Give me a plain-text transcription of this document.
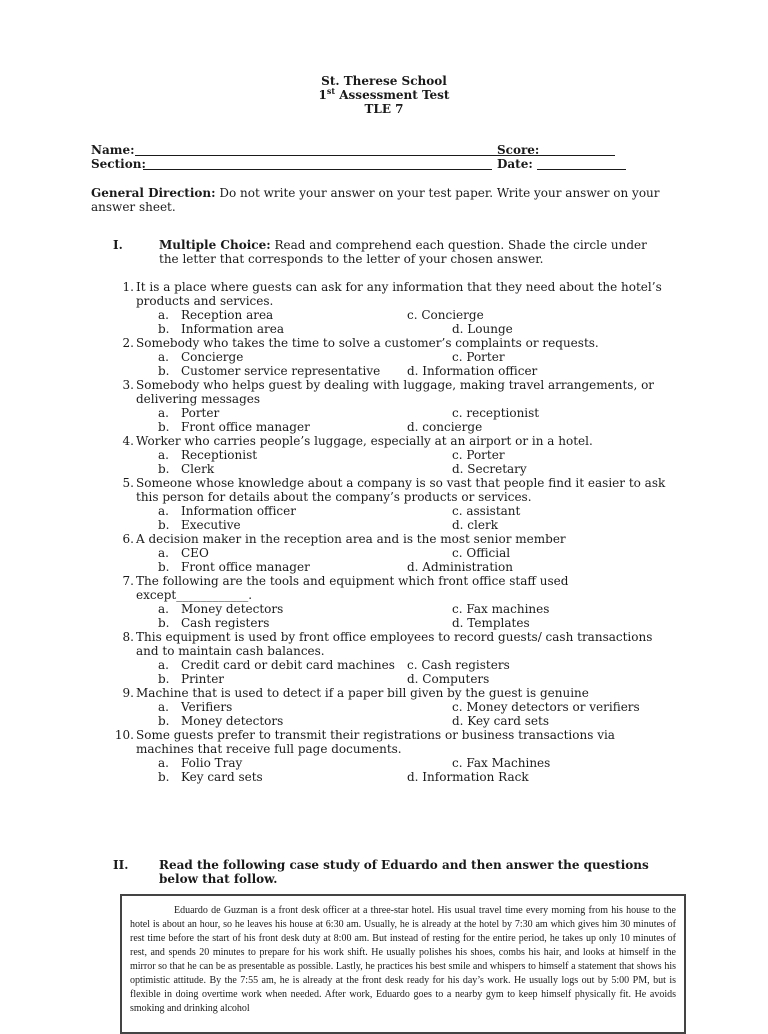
St. Therese School
1st Assessment Test
TLE 7
Name:	Score:
Section:	Date:
General Direction: Do not write your answer on your test paper. Write your answer on your answer sheet.
I.	Multiple Choice: Read and comprehend each question. Shade the circle under the letter that corresponds to the letter of your chosen answer.
1. It is a place where guests can ask for any information that they need about the hotel’s products and services.
a. Reception area	c. Concierge
b. Information area	d. Lounge
2. Somebody who takes the time to solve a customer’s complaints or requests.
a. Concierge	c. Porter
b. Customer service representative d. Information officer
3. Somebody who helps guest by dealing with luggage, making travel arrangements, or delivering messages
a. Porter	c. receptionist
b. Front office manager	d. concierge
4. Worker who carries people’s luggage, especially at an airport or in a hotel.
a. Receptionist	c. Porter
b. Clerk	d. Secretary
5. Someone whose knowledge about a company is so vast that people find it easier to ask this person for details about the company’s products or services.
a. Information officer	c. assistant
b. Executive	d. clerk
6. A decision maker in the reception area and is the most senior member
a. CEO	c. Official
b. Front office manager	d. Administration
7. The following are the tools and equipment which front office staff used except____________.
a. Money detectors	c. Fax machines
b. Cash registers	d. Templates
8. This equipment is used by front office employees to record guests/ cash transactions and to maintain cash balances.
a. Credit card or debit card machines c. Cash registers
b. Printer	d. Computers
9. Machine that is used to detect if a paper bill given by the guest is genuine
a. Verifiers	c. Money detectors or verifiers
b. Money detectors	d. Key card sets
10. Some guests prefer to transmit their registrations or business transactions via machines that receive full page documents.
a. Folio Tray	c. Fax Machines
b. Key card sets	d. Information Rack
II.	Read the following case study of Eduardo and then answer the questions below that follow.
Eduardo de Guzman is a front desk officer at a three-star hotel. His usual travel time every morning from his house to the hotel is about an hour, so he leaves his house at 6:30 am. Usually, he is already at the hotel by 7:30 am which gives him 30 minutes of rest time before the start of his front desk duty at 8:00 am. But instead of resting for the entire period, he takes up only 10 minutes of rest, and spends 20 minutes to prepare for his work shift. He usually polishes his shoes, combs his hair, and looks at himself in the mirror so that he can be as presentable as possible. Lastly, he practices his best smile and whispers to himself a statement that shows his optimistic attitude. By the 7:55 am, he is already at the front desk ready for his day’s work. He usually logs out by 5:00 PM, but is flexible in doing overtime work when needed. After work, Eduardo goes to a nearby gym to keep himself physically fit. He avoids smoking and drinking alcohol
